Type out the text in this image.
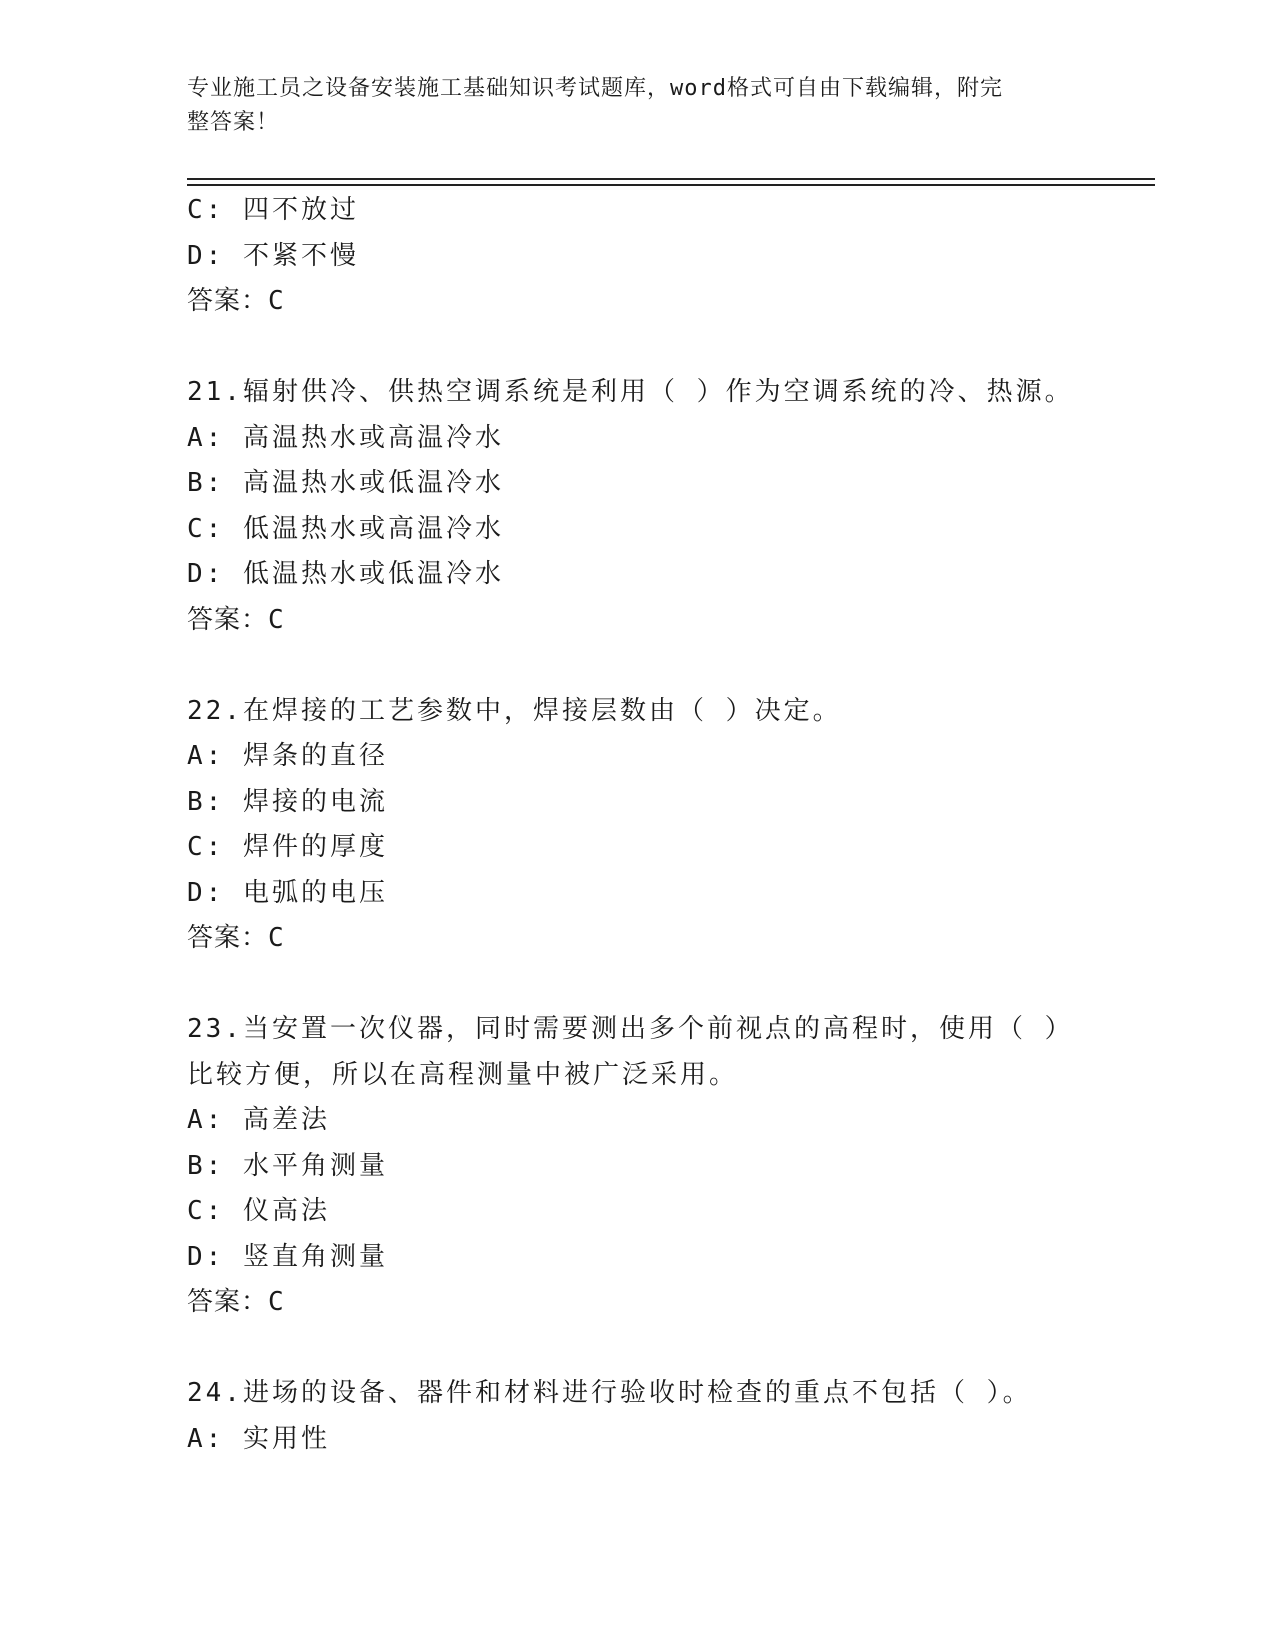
专业施工员之设备安装施工基础知识考试题库，word格式可自由下载编辑，附完
整答案！
C: 四不放过
D: 不紧不慢
答案：C
21.辐射供冷、供热空调系统是利用（ ）作为空调系统的冷、热源。
A: 高温热水或高温冷水
B: 高温热水或低温冷水
C: 低温热水或高温冷水
D: 低温热水或低温冷水
答案：C
22.在焊接的工艺参数中，焊接层数由（ ）决定。
A: 焊条的直径
B: 焊接的电流
C: 焊件的厚度
D: 电弧的电压
答案：C
23.当安置一次仪器，同时需要测出多个前视点的高程时，使用（ ）
比较方便，所以在高程测量中被广泛采用。
A: 高差法
B: 水平角测量
C: 仪高法
D: 竖直角测量
答案：C
24.进场的设备、器件和材料进行验收时检查的重点不包括（ ）。
A: 实用性
